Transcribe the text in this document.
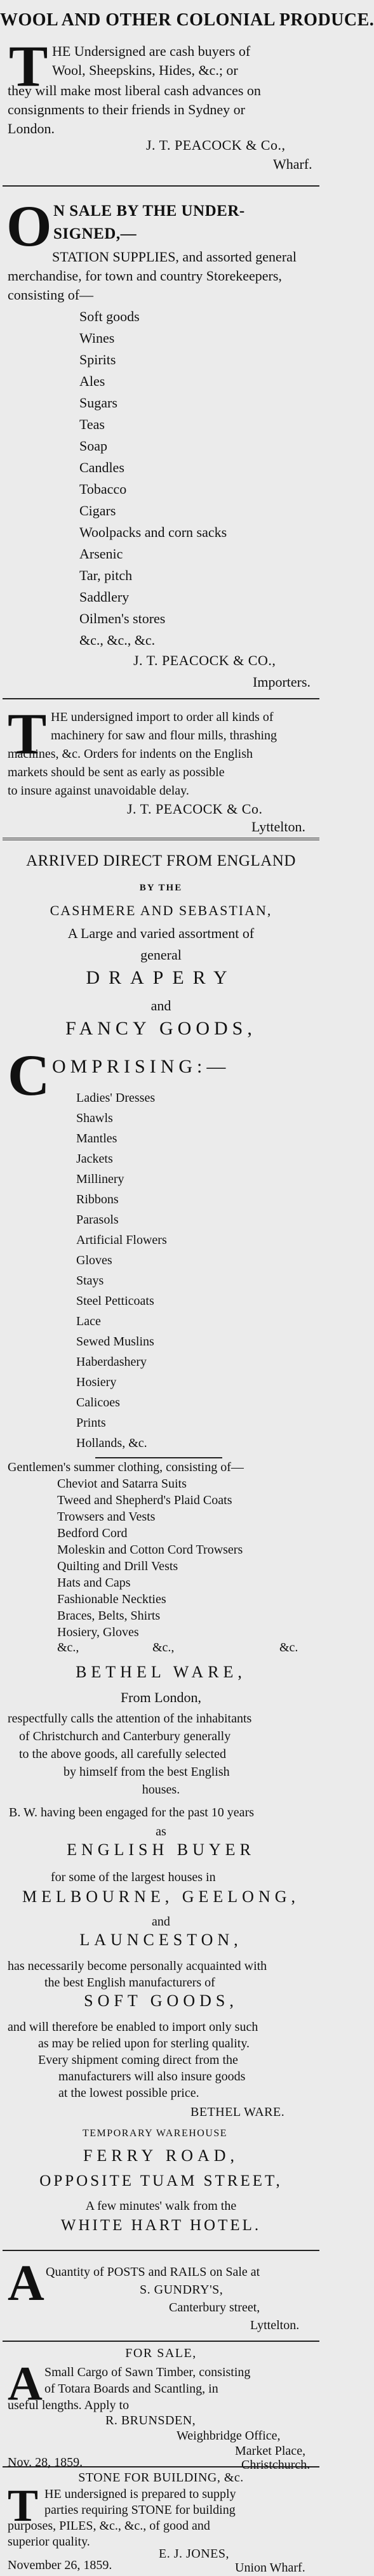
WOOL AND OTHER COLONIAL PRODUCE.
T HE Undersigned are cash buyers of
Wool, Sheepskins, Hides, &c.; or
they will make most liberal cash advances on
consignments to their friends in Sydney or
London.
J. T. PEACOCK & Co.,
Wharf.
O N SALE BY THE UNDER-
SIGNED,—
STATION SUPPLIES, and assorted general
merchandise, for town and country Storekeepers,
consisting of—
Soft goods
Wines
Spirits
Ales
Sugars
Teas
Soap
Candles
Tobacco
Cigars
Woolpacks and corn sacks
Arsenic
Tar, pitch
Saddlery
Oilmen's stores
&c., &c., &c.
J. T. PEACOCK & CO.,
Importers.
T HE undersigned import to order all kinds of
machinery for saw and flour mills, thrashing
machines, &c. Orders for indents on the English
markets should be sent as early as possible
to insure against unavoidable delay.
J. T. PEACOCK & Co.
Lyttelton.
ARRIVED DIRECT FROM ENGLAND
BY THE
CASHMERE AND SEBASTIAN,
A Large and varied assortment of
general
DRAPERY
and
FANCY GOODS,
C OMPRISING:—
Ladies' Dresses
Shawls
Mantles
Jackets
Millinery
Ribbons
Parasols
Artificial Flowers
Gloves
Stays
Steel Petticoats
Lace
Sewed Muslins
Haberdashery
Hosiery
Calicoes
Prints
Hollands, &c.
Gentlemen's summer clothing, consisting of—
Cheviot and Satarra Suits
Tweed and Shepherd's Plaid Coats
Trowsers and Vests
Bedford Cord
Moleskin and Cotton Cord Trowsers
Quilting and Drill Vests
Hats and Caps
Fashionable Neckties
Braces, Belts, Shirts
Hosiery, Gloves
&c.,	&c.,	&c.
BETHEL WARE,
From London,
respectfully calls the attention of the inhabitants
of Christchurch and Canterbury generally
to the above goods, all carefully selected
by himself from the best English
houses.
B. W. having been engaged for the past 10 years
as
ENGLISH BUYER
for some of the largest houses in
MELBOURNE, GEELONG,
and
LAUNCESTON,
has necessarily become personally acquainted with
the best English manufacturers of
SOFT GOODS,
and will therefore be enabled to import only such
as may be relied upon for sterling quality.
Every shipment coming direct from the
manufacturers will also insure goods
at the lowest possible price.
BETHEL WARE.
TEMPORARY WAREHOUSE
FERRY ROAD,
OPPOSITE TUAM STREET,
A few minutes' walk from the
WHITE HART HOTEL.
A Quantity of POSTS and RAILS on Sale at
S. GUNDRY'S,
Canterbury street,
Lyttelton.
FOR SALE,
A Small Cargo of Sawn Timber, consisting
of Totara Boards and Scantling, in
useful lengths. Apply to
R. BRUNSDEN,
Weighbridge Office,
Market Place,
Nov. 28, 1859.	Christchurch.
STONE FOR BUILDING, &c.
T HE undersigned is prepared to supply
parties requiring STONE for building
purposes, PILES, &c., &c., of good and
superior quality.
E. J. JONES,
November 26, 1859.	Union Wharf.
